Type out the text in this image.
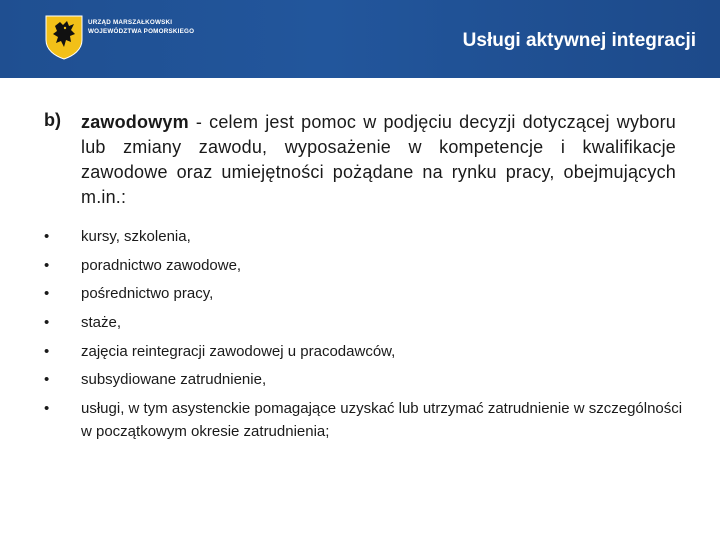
URZĄD MARSZAŁKOWSKI
WOJEWÓDZTWA POMORSKIEGO	Usługi aktywnej integracji
b) zawodowym - celem jest pomoc w podjęciu decyzji dotyczącej wyboru lub zmiany zawodu, wyposażenie w kompetencje i kwalifikacje zawodowe oraz umiejętności pożądane na rynku pracy, obejmujących m.in.:
• kursy, szkolenia,
• poradnictwo zawodowe,
• pośrednictwo pracy,
• staże,
• zajęcia reintegracji zawodowej u pracodawców,
• subsydiowane zatrudnienie,
• usługi, w tym asystenckie pomagające uzyskać lub utrzymać zatrudnienie w szczególności w początkowym okresie zatrudnienia;
